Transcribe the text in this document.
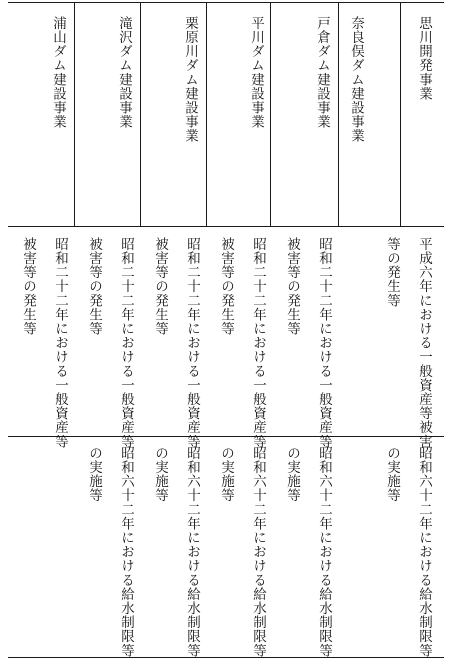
思川開発事業
平成六年における一般資産等被害等の発生等
昭和六十二年における給水制限等の実施等
奈良俣ダム建設事業
戸倉ダム建設事業
昭和二十二年における一般資産等被害等の発生等
昭和六十二年における給水制限等の実施等
平川ダム建設事業
昭和二十二年における一般資産等被害等の発生等
昭和六十二年における給水制限等の実施等
栗原川ダム建設事業
昭和二十二年における一般資産等被害等の発生等
昭和六十二年における給水制限等の実施等
滝沢ダム建設事業
昭和二十二年における一般資産等被害等の発生等
昭和六十二年における給水制限等の実施等
浦山ダム建設事業
昭和二十二年における一般資産等被害等の発生等
